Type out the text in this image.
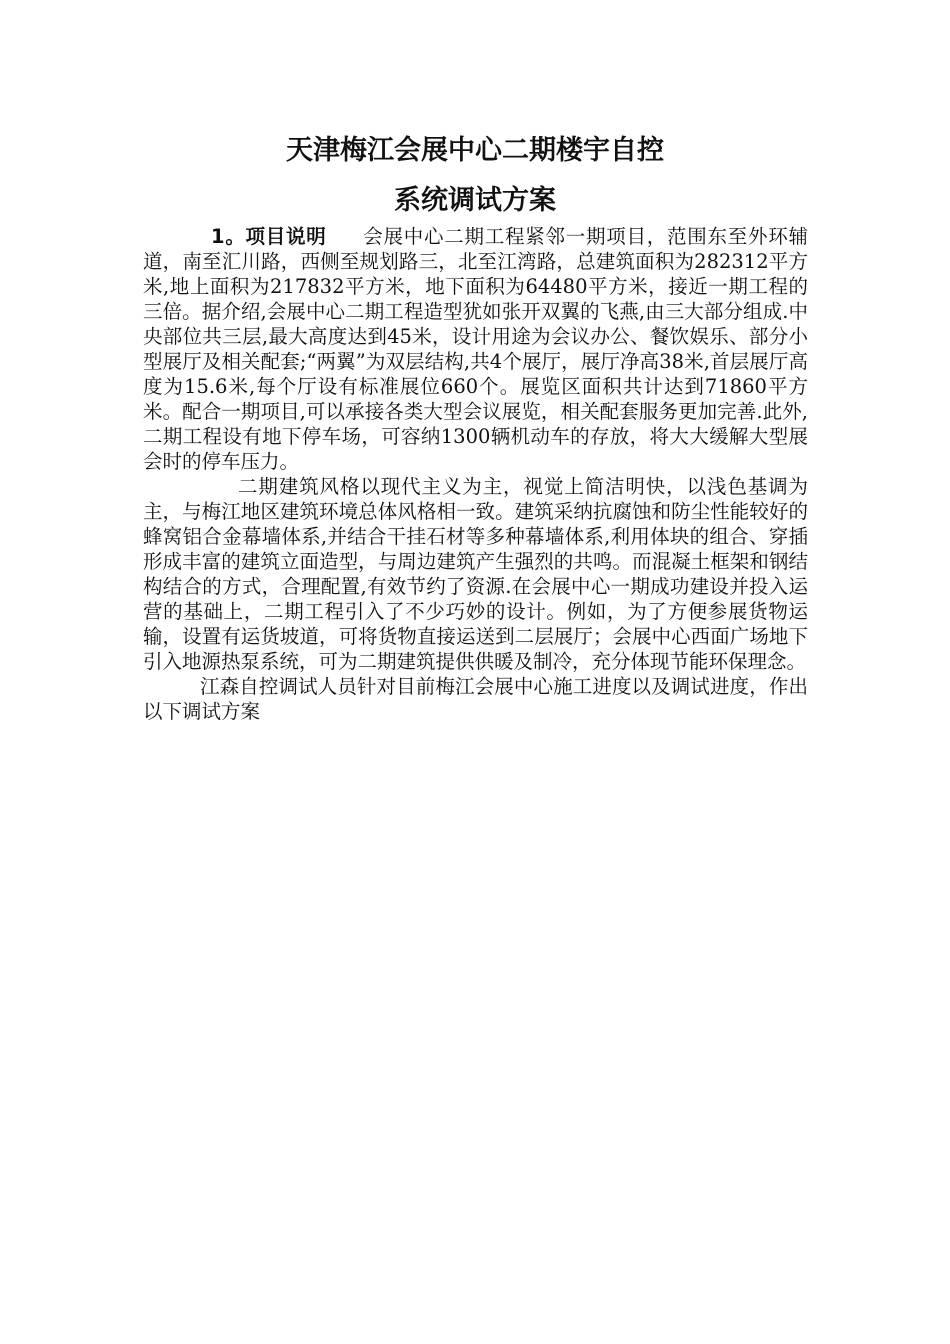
天津梅江会展中心二期楼宇自控
系统调试方案

1。项目说明 会展中心二期工程紧邻一期项目，范围东至外环辅道，南至汇川路，西侧至规划路三，北至江湾路，总建筑面积为282312平方米,地上面积为217832平方米，地下面积为64480平方米，接近一期工程的三倍。据介绍,会展中心二期工程造型犹如张开双翼的飞燕,由三大部分组成.中央部位共三层,最大高度达到45米，设计用途为会议办公、餐饮娱乐、部分小型展厅及相关配套;“两翼”为双层结构,共4个展厅，展厅净高38米,首层展厅高度为15.6米,每个厅设有标准展位660个。展览区面积共计达到71860平方米。配合一期项目,可以承接各类大型会议展览，相关配套服务更加完善.此外,二期工程设有地下停车场，可容纳1300辆机动车的存放，将大大缓解大型展会时的停车压力。

二期建筑风格以现代主义为主，视觉上简洁明快，以浅色基调为主，与梅江地区建筑环境总体风格相一致。建筑采纳抗腐蚀和防尘性能较好的蜂窝铝合金幕墙体系,并结合干挂石材等多种幕墙体系,利用体块的组合、穿插形成丰富的建筑立面造型，与周边建筑产生强烈的共鸣。而混凝土框架和钢结构结合的方式，合理配置,有效节约了资源.在会展中心一期成功建设并投入运营的基础上，二期工程引入了不少巧妙的设计。例如，为了方便参展货物运输，设置有运货坡道，可将货物直接运送到二层展厅；会展中心西面广场地下引入地源热泵系统，可为二期建筑提供供暖及制冷，充分体现节能环保理念。

江森自控调试人员针对目前梅江会展中心施工进度以及调试进度，作出以下调试方案
